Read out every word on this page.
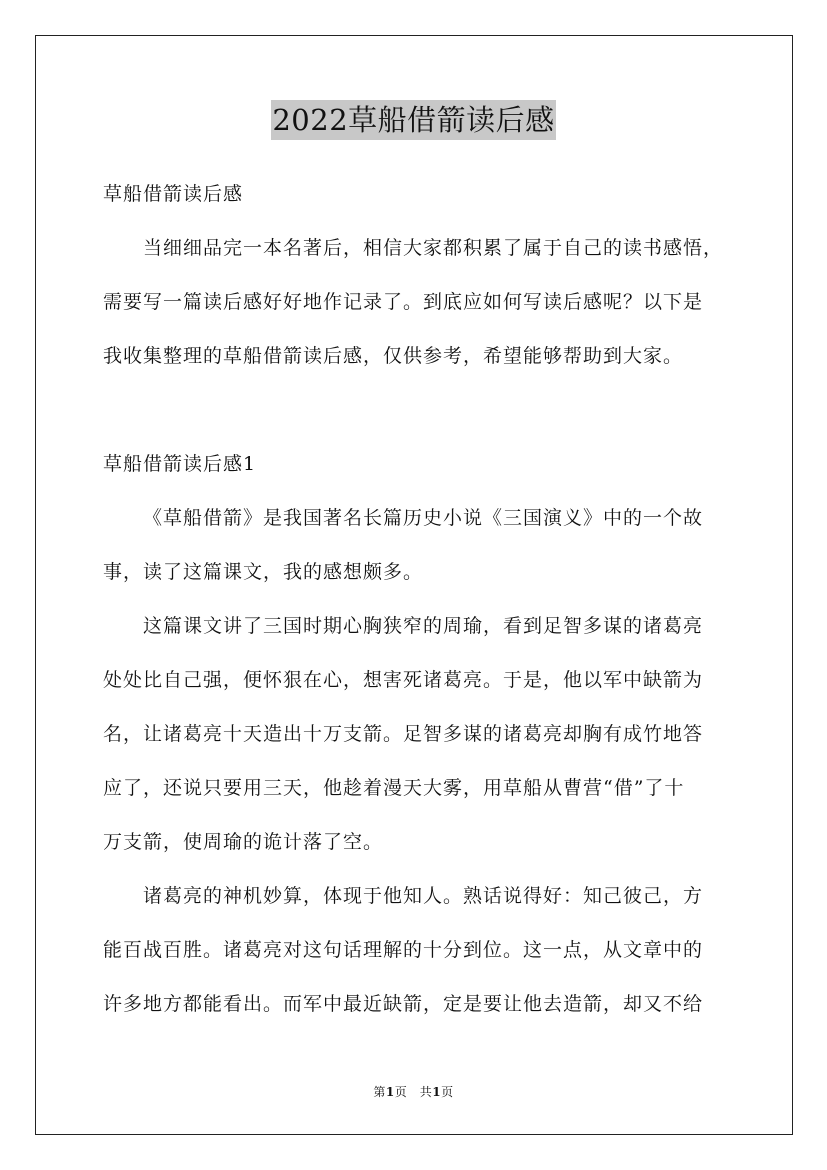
2022草船借箭读后感
草船借箭读后感
当细细品完一本名著后，相信大家都积累了属于自己的读书感悟，
需要写一篇读后感好好地作记录了。到底应如何写读后感呢？以下是
我收集整理的草船借箭读后感，仅供参考，希望能够帮助到大家。
草船借箭读后感1
《草船借箭》是我国著名长篇历史小说《三国演义》中的一个故
事，读了这篇课文，我的感想颇多。
这篇课文讲了三国时期心胸狭窄的周瑜，看到足智多谋的诸葛亮
处处比自己强，便怀狠在心，想害死诸葛亮。于是，他以军中缺箭为
名，让诸葛亮十天造出十万支箭。足智多谋的诸葛亮却胸有成竹地答
应了，还说只要用三天，他趁着漫天大雾，用草船从曹营“借”了十
万支箭，使周瑜的诡计落了空。
诸葛亮的神机妙算，体现于他知人。熟话说得好：知己彼己，方
能百战百胜。诸葛亮对这句话理解的十分到位。这一点，从文章中的
许多地方都能看出。而军中最近缺箭，定是要让他去造箭，却又不给
第1页　共1页
